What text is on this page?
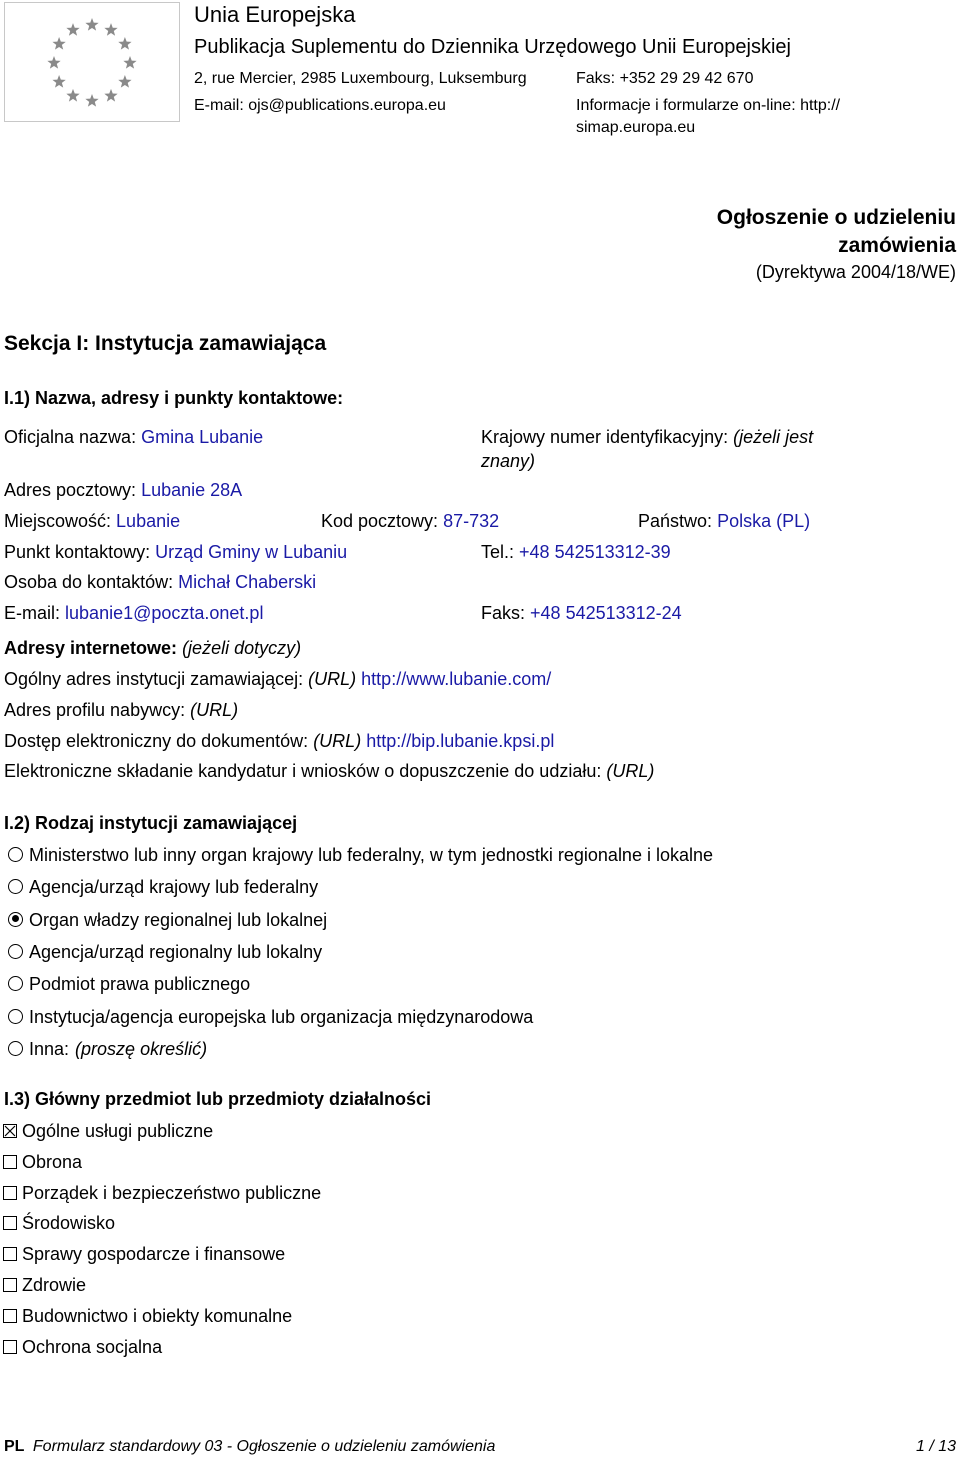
Unia Europejska
Publikacja Suplementu do Dziennika Urzędowego Unii Europejskiej
2, rue Mercier, 2985 Luxembourg, Luksemburg	Faks: +352 29 29 42 670
E-mail: ojs@publications.europa.eu	Informacje i formularze on-line: http://
simap.europa.eu
Ogłoszenie o udzieleniu
zamówienia
(Dyrektywa 2004/18/WE)
Sekcja I: Instytucja zamawiająca
I.1) Nazwa, adresy i punkty kontaktowe:
Oficjalna nazwa: Gmina Lubanie	Krajowy numer identyfikacyjny: (jeżeli jest
znany)
Adres pocztowy: Lubanie 28A
Miejscowość: Lubanie	Kod pocztowy: 87-732	Państwo: Polska (PL)
Punkt kontaktowy: Urząd Gminy w Lubaniu	Tel.: +48 542513312-39
Osoba do kontaktów: Michał Chaberski
E-mail: lubanie1@poczta.onet.pl	Faks: +48 542513312-24
Adresy internetowe: (jeżeli dotyczy)
Ogólny adres instytucji zamawiającej: (URL) http://www.lubanie.com/
Adres profilu nabywcy: (URL)
Dostęp elektroniczny do dokumentów: (URL) http://bip.lubanie.kpsi.pl
Elektroniczne składanie kandydatur i wniosków o dopuszczenie do udziału: (URL)
I.2) Rodzaj instytucji zamawiającej
Ministerstwo lub inny organ krajowy lub federalny, w tym jednostki regionalne i lokalne
Agencja/urząd krajowy lub federalny
Organ władzy regionalnej lub lokalnej
Agencja/urząd regionalny lub lokalny
Podmiot prawa publicznego
Instytucja/agencja europejska lub organizacja międzynarodowa
Inna: (proszę określić)
I.3) Główny przedmiot lub przedmioty działalności
Ogólne usługi publiczne
Obrona
Porządek i bezpieczeństwo publiczne
Środowisko
Sprawy gospodarcze i finansowe
Zdrowie
Budownictwo i obiekty komunalne
Ochrona socjalna
PL Formularz standardowy 03 - Ogłoszenie o udzieleniu zamówienia	1 / 13
